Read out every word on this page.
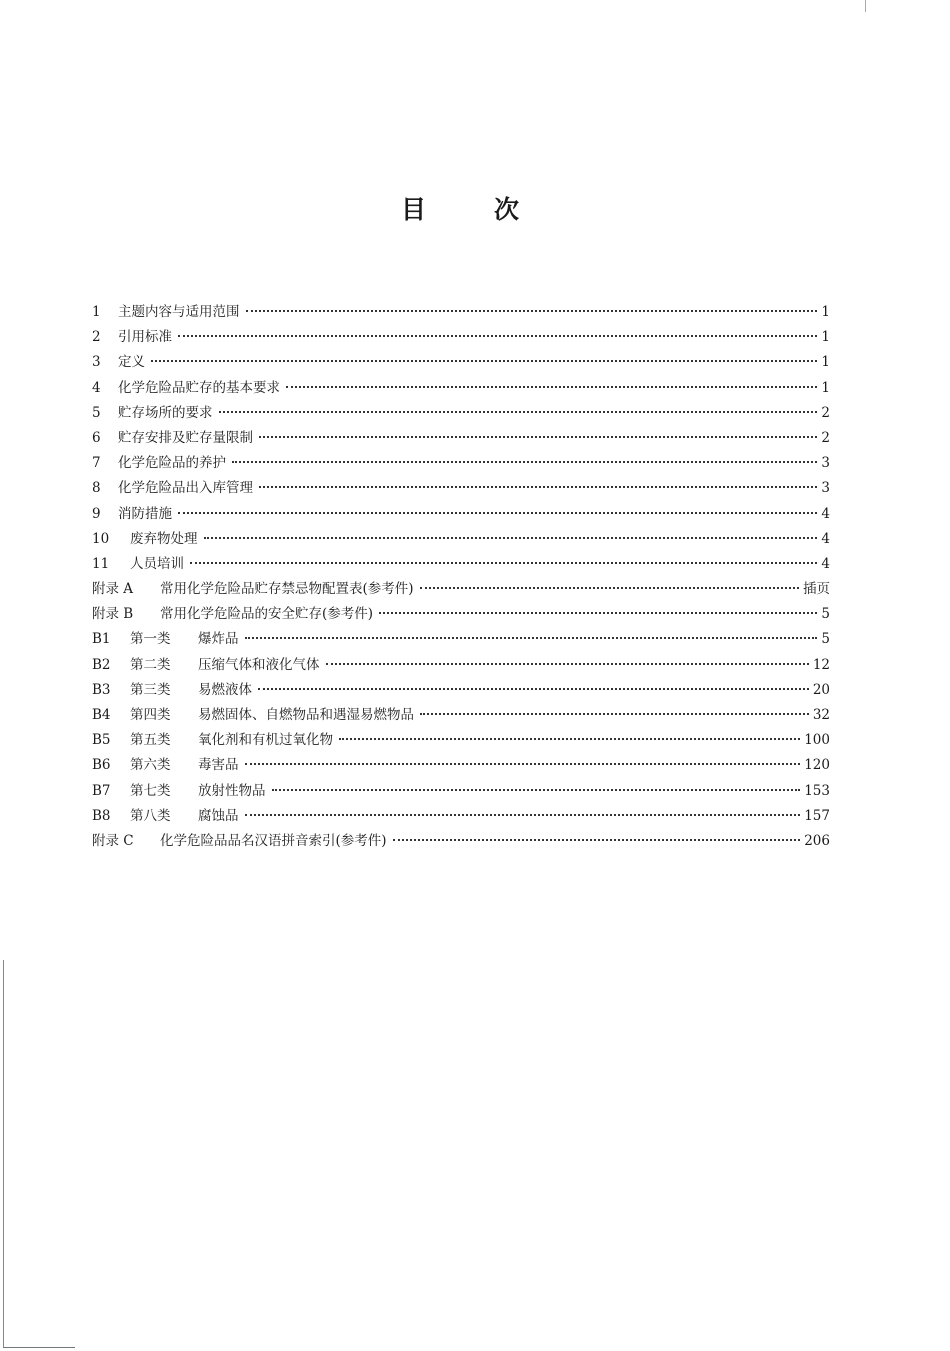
目次
1	主题内容与适用范围	1
2	引用标准	1
3	定义	1
4	化学危险品贮存的基本要求	1
5	贮存场所的要求	2
6	贮存安排及贮存量限制	2
7	化学危险品的养护	3
8	化学危险品出入库管理	3
9	消防措施	4
10	废弃物处理	4
11	人员培训	4
附录 A	常用化学危险品贮存禁忌物配置表(参考件)	插页
附录 B	常用化学危险品的安全贮存(参考件)	5
B1	第一类	爆炸品	5
B2	第二类	压缩气体和液化气体	12
B3	第三类	易燃液体	20
B4	第四类	易燃固体、自燃物品和遇湿易燃物品	32
B5	第五类	氧化剂和有机过氧化物	100
B6	第六类	毒害品	120
B7	第七类	放射性物品	153
B8	第八类	腐蚀品	157
附录 C	化学危险品品名汉语拼音索引(参考件)	206
